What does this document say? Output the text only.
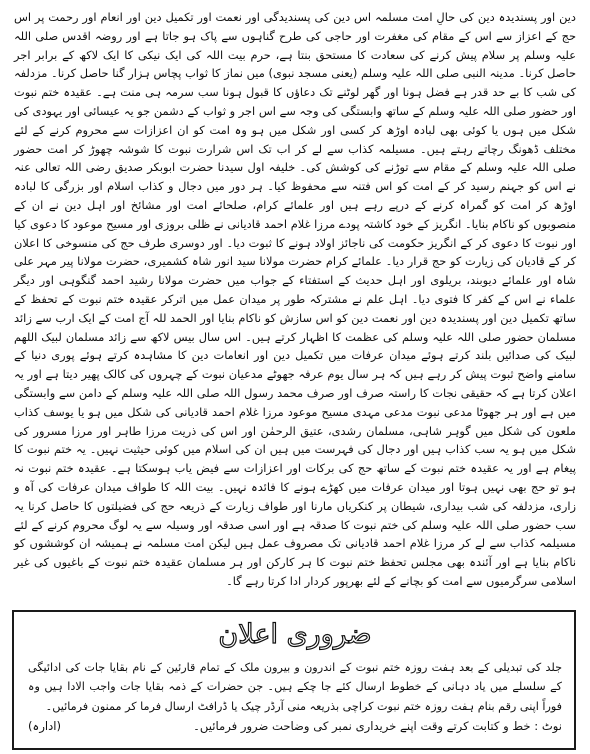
دین اور پسندیدہ دین کی حالِ امت مسلمہ اس دین کی پسندیدگی اور نعمت اور تکمیل دین اور انعام اور رحمت پر اس حج کے اعزاز سے اس کے مقام کی مغفرت اور حاجی کی طرح گناہوں سے پاک ہو جاتا ہے اور روضہ اقدس صلی اللہ علیہ وسلم پر سلام پیش کرنے کی سعادت کا مستحق بنتا ہے، حرم بیت اللہ کی ایک نیکی کا ایک لاکھ کے برابر اجر حاصل کرنا۔ مدینہ النبی صلی اللہ علیہ وسلم (یعنی مسجد نبوی) میں نماز کا ثواب پچاس ہزار گنا حاصل کرنا۔ مزدلفہ کی شب کا بے حد قدر ہے فضل ہونا اور گھر لوٹنے تک دعاؤں کا قبول ہونا سب سرمہ ہی منت ہے۔ عقیدہ ختم نبوت اور حضور صلی اللہ علیہ وسلم کے ساتھ وابستگی کی وجہ سے اس اجر و ثواب کے دشمن جو یہ عیسائی اور یہودی کی شکل میں ہوں یا کوئی بھی لبادہ اوڑھ کر کسی اور شکل میں ہو وہ امت کو ان اعزازات سے محروم کرنے کے لئے مختلف ڈھونگ رچاتے رہتے ہیں۔ مسیلمہ کذاب سے لے کر اب تک اس شرارت نبوت کا شوشہ چھوڑ کر امت حضور صلی اللہ علیہ وسلم کے مقام سے توڑنے کی کوشش کی۔ خلیفہ اول سیدنا حضرت ابوبکر صدیق رضی اللہ تعالی عنہ نے اس کو جہنم رسید کر کے امت کو اس فتنہ سے محفوظ کیا۔ ہر دور میں دجال و کذاب اسلام اور بزرگی کا لبادہ اوڑھ کر امت کو گمراہ کرنے کے درپے رہے ہیں اور علمائے کرام، صلحائے امت اور مشائخ اور اہل دین نے ان کے منصوبوں کو ناکام بنایا۔ انگریز کے خود کاشتہ پودے مرزا غلام احمد قادیانی نے ظلی بروزی اور مسیح موعود کا دعوی کیا اور نبوت کا دعوی کر کے انگریز حکومت کی ناجائز اولاد ہونے کا ثبوت دیا۔ اور دوسری طرف حج کی منسوخی کا اعلان کر کے قادیان کی زیارت کو حج قرار دیا۔ علمائے کرام حضرت مولانا سید انور شاہ کشمیری، حضرت مولانا پیر مہر علی شاہ اور علمائے دیوبند، بریلوی اور اہل حدیث کے استفتاء کے جواب میں حضرت مولانا رشید احمد گنگوہی اور دیگر علماء نے اس کے کفر کا فتوی دیا۔ اہل علم نے مشترکہ طور پر میدان عمل میں اترکر عقیدہ ختم نبوت کے تحفظ کے ساتھ تکمیل دین اور پسندیدہ دین اور نعمت دین کو اس سازش کو ناکام بنایا اور الحمد للہ آج امت کے ایک ارب سے زائد مسلمان حضور صلی اللہ علیہ وسلم کی عظمت کا اظہار کرتے ہیں۔ اس سال بیس لاکھ سے زائد مسلمان لبیک اللھم لبیک کی صدائیں بلند کرتے ہوئے میدان عرفات میں تکمیل دین اور انعامات دین کا مشاہدہ کرتے ہوئے پوری دنیا کے سامنے واضح ثبوت پیش کر رہے ہیں کہ ہر سال یوم عرفہ جھوٹے مدعیان نبوت کے چہروں کی کالک پھیر دیتا ہے اور یہ اعلان کرتا ہے کہ حقیقی نجات کا راستہ صرف اور صرف محمد رسول اللہ صلی اللہ علیہ وسلم کے دامن سے وابستگی میں ہے اور ہر جھوٹا مدعی نبوت مدعی مہدی مسیح موعود مرزا غلام احمد قادیانی کی شکل میں ہو یا یوسف کذاب ملعون کی شکل میں گوہر شاہی، مسلمان رشدی، عتیق الرحمٰن اور اس کی ذریت مرزا طاہر اور مرزا مسرور کی شکل میں ہو یہ سب کذاب ہیں اور دجال کی فہرست میں ہیں ان کی اسلام میں کوئی حیثیت نہیں۔ یہ ختم نبوت کا پیغام ہے اور یہ عقیدہ ختم نبوت کے ساتھ حج کی برکات اور اعزازات سے فیض یاب ہوسکتا ہے۔ عقیدہ ختم نبوت نہ ہو تو حج بھی نہیں ہوتا اور میدان عرفات میں کھڑے ہونے کا فائدہ نہیں۔ بیت اللہ کا طواف میدان عرفات کی آہ و زاری، مزدلفہ کی شب بیداری، شیطان پر کنکریاں مارنا اور طواف زیارت کے ذریعہ حج کی فضیلتوں کا حاصل کرنا یہ سب حضور صلی اللہ علیہ وسلم کی ختم نبوت کا صدقہ ہے اور اسی صدقہ اور وسیلہ سے یہ لوگ محروم کرنے کے لئے مسیلمہ کذاب سے لے کر مرزا غلام احمد قادیانی تک مصروف عمل ہیں لیکن امت مسلمہ نے ہمیشہ ان کوششوں کو ناکام بنایا ہے اور آئندہ بھی مجلس تحفظ ختم نبوت کا ہر کارکن اور ہر مسلمان عقیدہ ختم نبوت کے باغیوں کی غیر اسلامی سرگرمیوں سے امت کو بچانے کے لئے بھرپور کردار ادا کرتا رہے گا۔

ضروری اعلان

جلد کی تبدیلی کے بعد ہفت روزہ ختم نبوت کے اندرون و بیرون ملک کے تمام قارئین کے نام بقایا جات کی ادائیگی کے سلسلے میں یاد دہانی کے خطوط ارسال کئے جا چکے ہیں۔ جن حضرات کے ذمہ بقایا جات واجب الادا ہیں وہ فوراً اپنی رقم بنام ہفت روزہ ختم نبوت کراچی بذریعہ منی آرڈر چیک یا ڈرافٹ ارسال فرما کر ممنون فرمائیں۔

نوٹ : خط و کتابت کرتے وقت اپنے خریداری نمبر کی وضاحت ضرور فرمائیں۔
(ادارہ)
